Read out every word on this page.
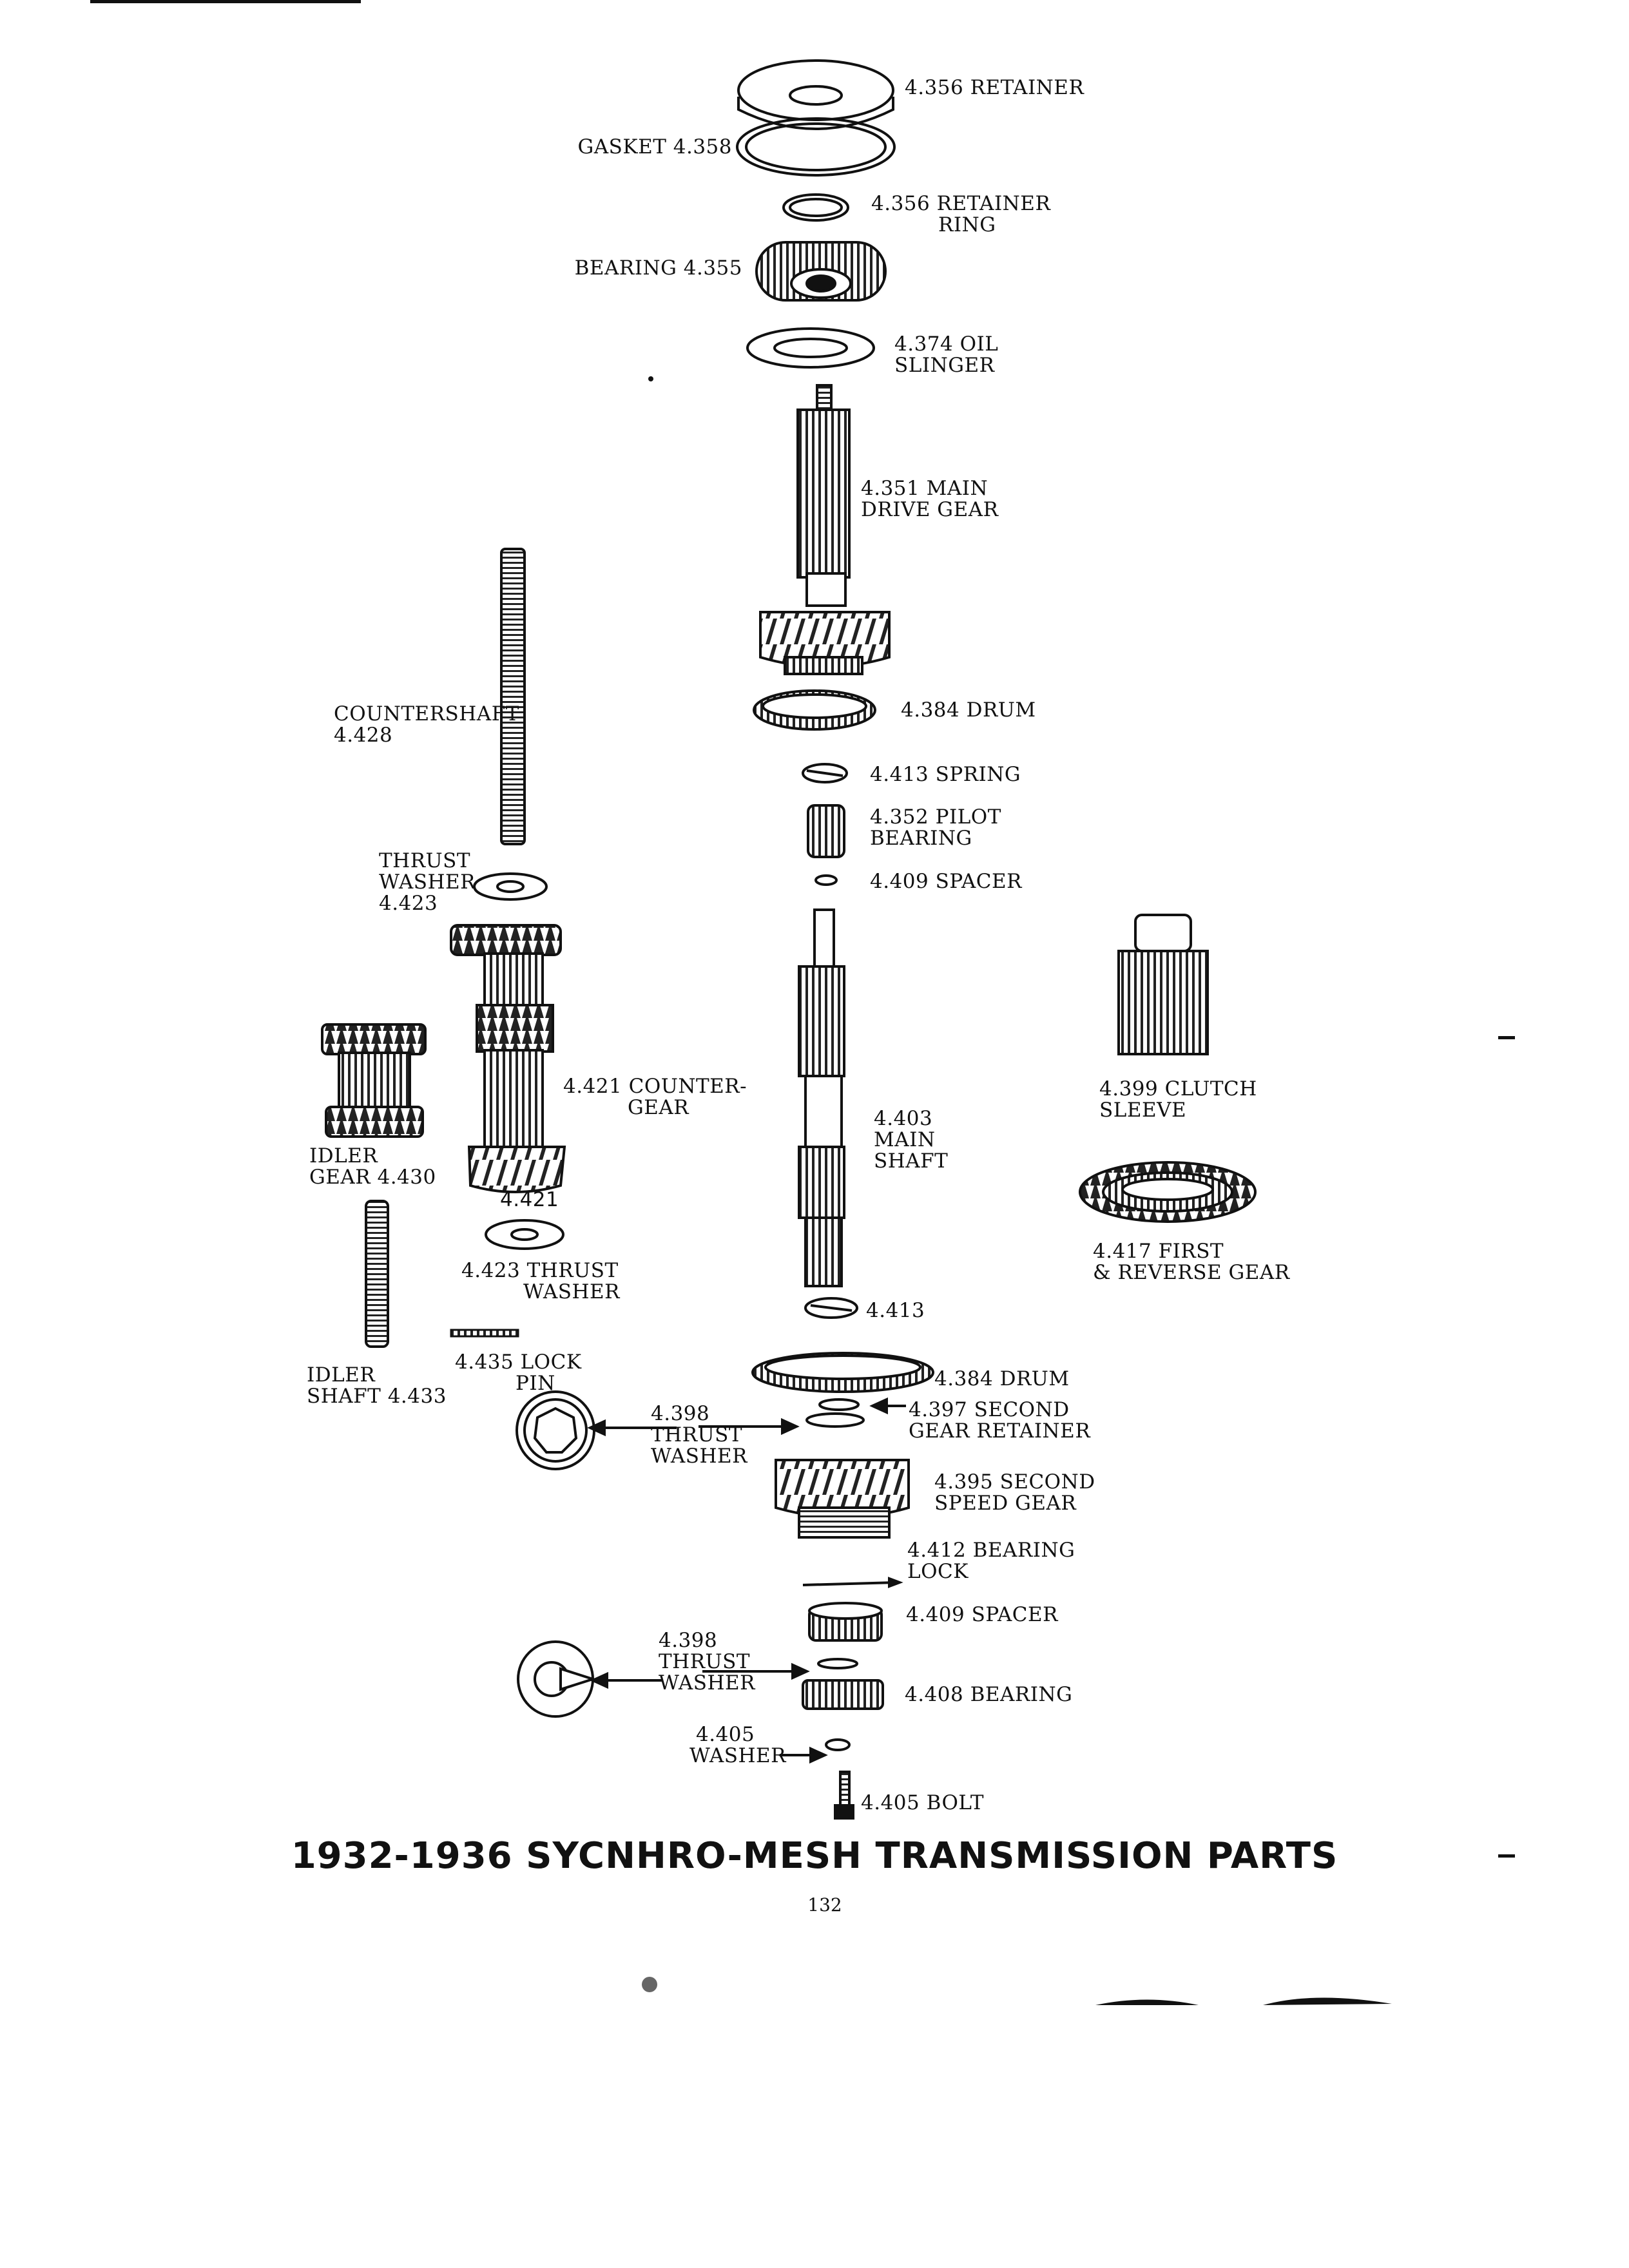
4.356 RETAINER
GASKET 4.358
4.356 RETAINER
RING
BEARING 4.355
4.374 OIL
SLINGER
4.351 MAIN
DRIVE GEAR
COUNTERSHAFT
4.428
4.384 DRUM
4.413 SPRING
4.352 PILOT
BEARING
4.409 SPACER
THRUST
WASHER
4.423
4.421 COUNTER-
GEAR
4.421
IDLER
GEAR 4.430
4.423 THRUST
WASHER
4.403
MAIN
SHAFT
4.399 CLUTCH
SLEEVE
4.417 FIRST
& REVERSE GEAR
4.413
4.435 LOCK
PIN
IDLER
SHAFT 4.433
4.384 DRUM
4.397 SECOND
GEAR RETAINER
4.398
THRUST
WASHER
4.395 SECOND
SPEED GEAR
4.412 BEARING
LOCK
4.409 SPACER
4.398
THRUST
WASHER	4.408 BEARING
4.405
WASHER
4.405 BOLT
1932-1936 SYCNHRO-MESH TRANSMISSION PARTS
132
